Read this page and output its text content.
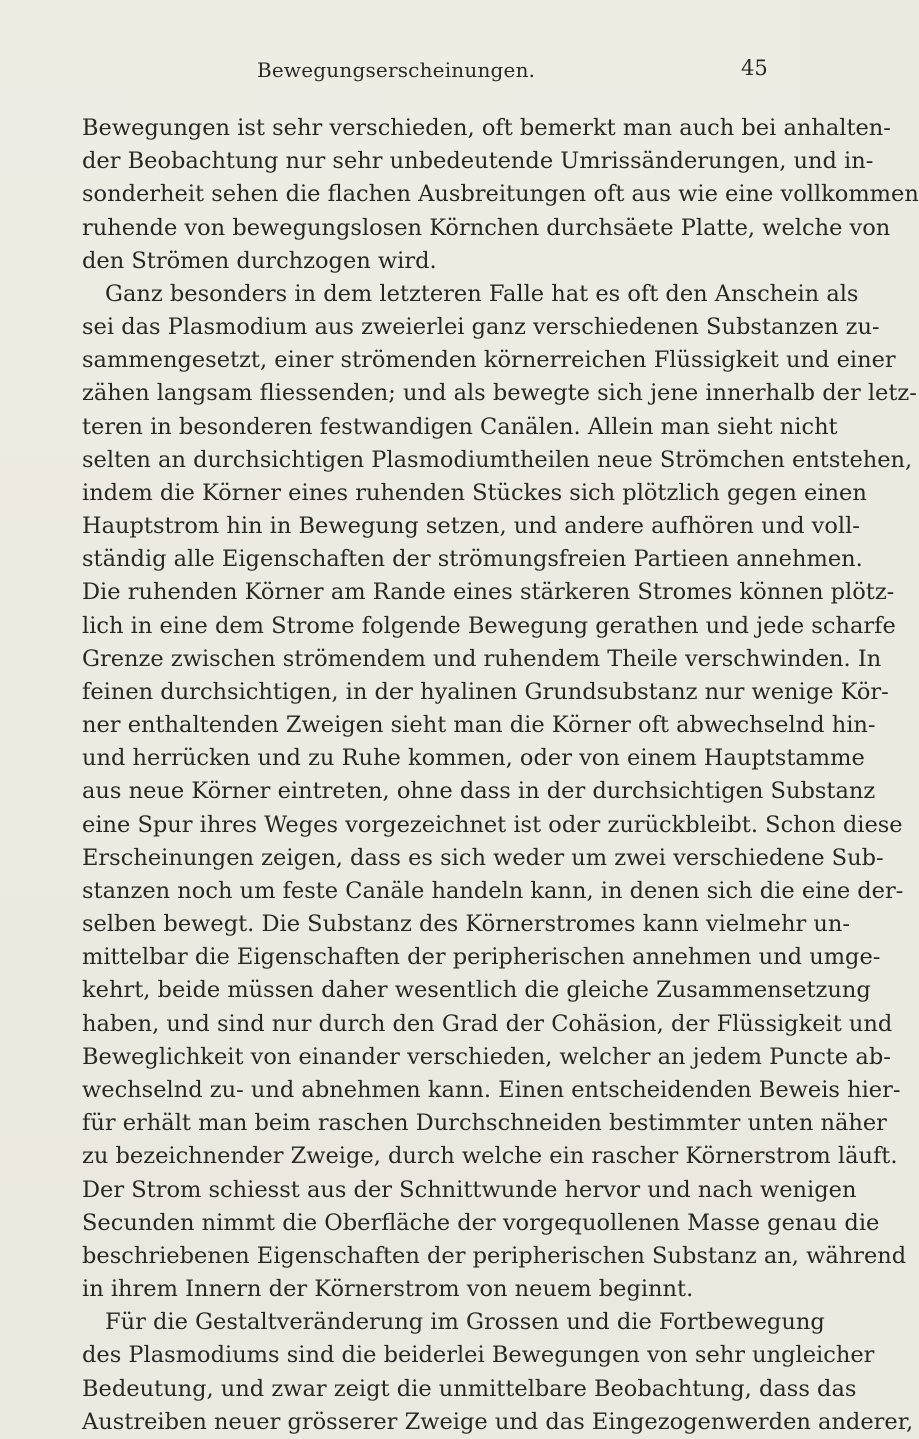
Bewegungserscheinungen.	45
Bewegungen ist sehr verschieden, oft bemerkt man auch bei anhalten-
der Beobachtung nur sehr unbedeutende Umrissänderungen, und in-
sonderheit sehen die flachen Ausbreitungen oft aus wie eine vollkommen
ruhende von bewegungslosen Körnchen durchsäete Platte, welche von
den Strömen durchzogen wird.
Ganz besonders in dem letzteren Falle hat es oft den Anschein als
sei das Plasmodium aus zweierlei ganz verschiedenen Substanzen zu-
sammengesetzt, einer strömenden körnerreichen Flüssigkeit und einer
zähen langsam fliessenden; und als bewegte sich jene innerhalb der letz-
teren in besonderen festwandigen Canälen. Allein man sieht nicht
selten an durchsichtigen Plasmodiumtheilen neue Strömchen entstehen,
indem die Körner eines ruhenden Stückes sich plötzlich gegen einen
Hauptstrom hin in Bewegung setzen, und andere aufhören und voll-
ständig alle Eigenschaften der strömungsfreien Partieen annehmen.
Die ruhenden Körner am Rande eines stärkeren Stromes können plötz-
lich in eine dem Strome folgende Bewegung gerathen und jede scharfe
Grenze zwischen strömendem und ruhendem Theile verschwinden. In
feinen durchsichtigen, in der hyalinen Grundsubstanz nur wenige Kör-
ner enthaltenden Zweigen sieht man die Körner oft abwechselnd hin-
und herrücken und zu Ruhe kommen, oder von einem Hauptstamme
aus neue Körner eintreten, ohne dass in der durchsichtigen Substanz
eine Spur ihres Weges vorgezeichnet ist oder zurückbleibt. Schon diese
Erscheinungen zeigen, dass es sich weder um zwei verschiedene Sub-
stanzen noch um feste Canäle handeln kann, in denen sich die eine der-
selben bewegt. Die Substanz des Körnerstromes kann vielmehr un-
mittelbar die Eigenschaften der peripherischen annehmen und umge-
kehrt, beide müssen daher wesentlich die gleiche Zusammensetzung
haben, und sind nur durch den Grad der Cohäsion, der Flüssigkeit und
Beweglichkeit von einander verschieden, welcher an jedem Puncte ab-
wechselnd zu- und abnehmen kann. Einen entscheidenden Beweis hier-
für erhält man beim raschen Durchschneiden bestimmter unten näher
zu bezeichnender Zweige, durch welche ein rascher Körnerstrom läuft.
Der Strom schiesst aus der Schnittwunde hervor und nach wenigen
Secunden nimmt die Oberfläche der vorgequollenen Masse genau die
beschriebenen Eigenschaften der peripherischen Substanz an, während
in ihrem Innern der Körnerstrom von neuem beginnt.
Für die Gestaltveränderung im Grossen und die Fortbewegung
des Plasmodiums sind die beiderlei Bewegungen von sehr ungleicher
Bedeutung, und zwar zeigt die unmittelbare Beobachtung, dass das
Austreiben neuer grösserer Zweige und das Eingezogenwerden anderer,
